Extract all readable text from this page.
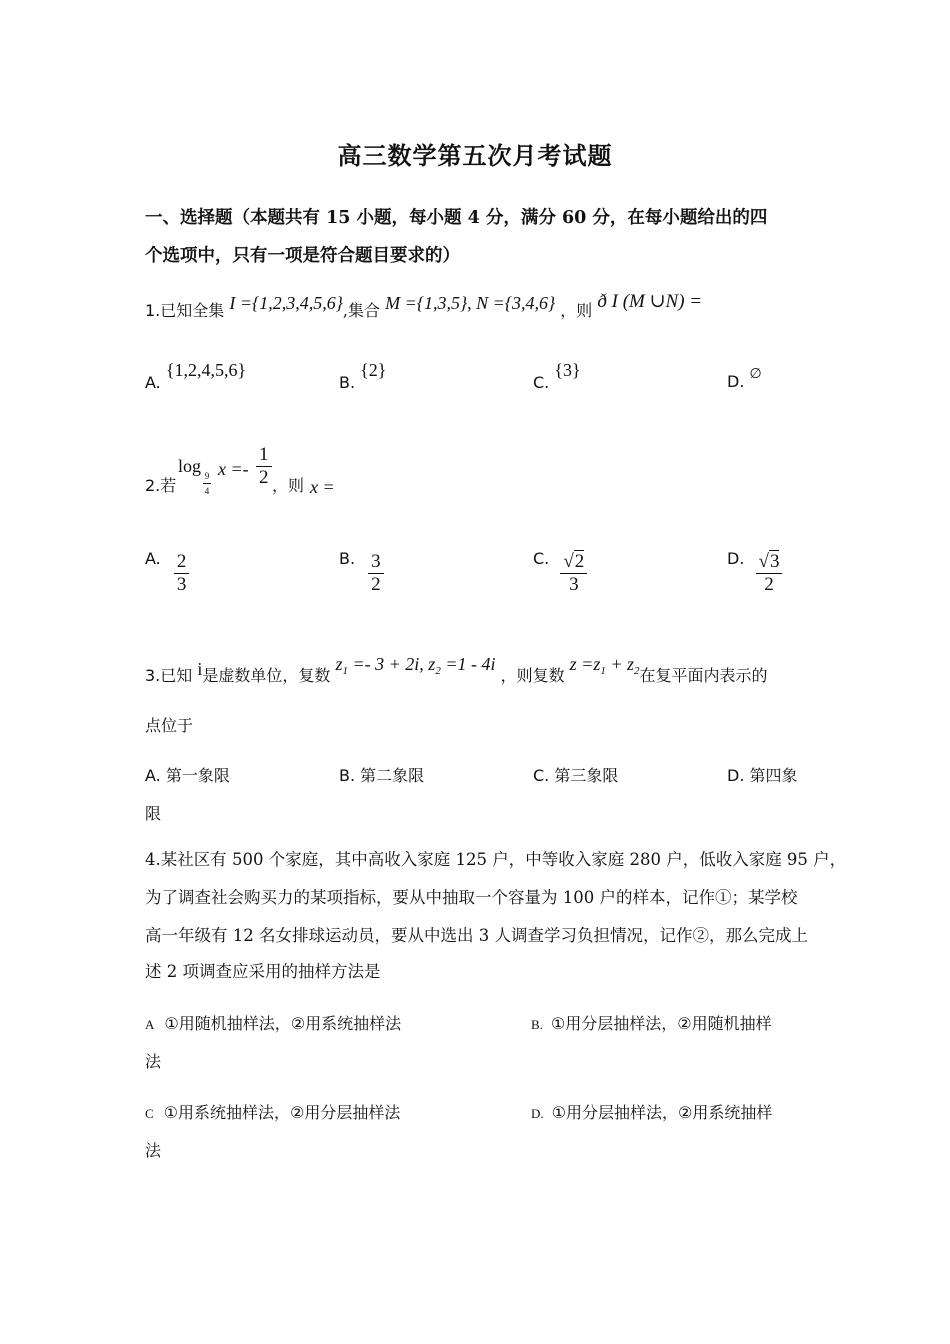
高三数学第五次月考试题
一、选择题（本题共有 15 小题，每小题 4 分，满分 60 分，在每小题给出的四
个选项中，只有一项是符合题目要求的）
1.已知全集 I ={1,2,3,4,5,6},集合 M ={1,3,5}, N ={3,4,6} ，则 ð I (M ∪N) =
A. {1,2,4,5,6}
B. {2}
C. {3}
D. ∅
2.若
log 9
4
$x =- \frac{1}{2}$ ，则 x =
A. $\frac{2}{3}$	B. $\frac{3}{2}$	C. $\frac{√2}{3}$	D. $\frac{√3}{2}$
3.已知 i是虚数单位，复数 $z_1 =- 3 + 2i$, $z_2 =1 - 4i$ ，则复数 $z =z_1 + z_2$在复平面内表示的
点位于
A. 第一象限	B. 第二象限	C. 第三象限	D. 第四象
限
4.某社区有 500 个家庭，其中高收入家庭 125 户，中等收入家庭 280 户，低收入家庭 95 户，
为了调查社会购买力的某项指标，要从中抽取一个容量为 100 户的样本，记作①；某学校
高一年级有 12 名女排球运动员，要从中选出 3 人调查学习负担情况，记作②，那么完成上
述 2 项调查应采用的抽样方法是
A ①用随机抽样法，②用系统抽样法	B. ①用分层抽样法，②用随机抽样
法
C ①用系统抽样法，②用分层抽样法	D. ①用分层抽样法，②用系统抽样
法
